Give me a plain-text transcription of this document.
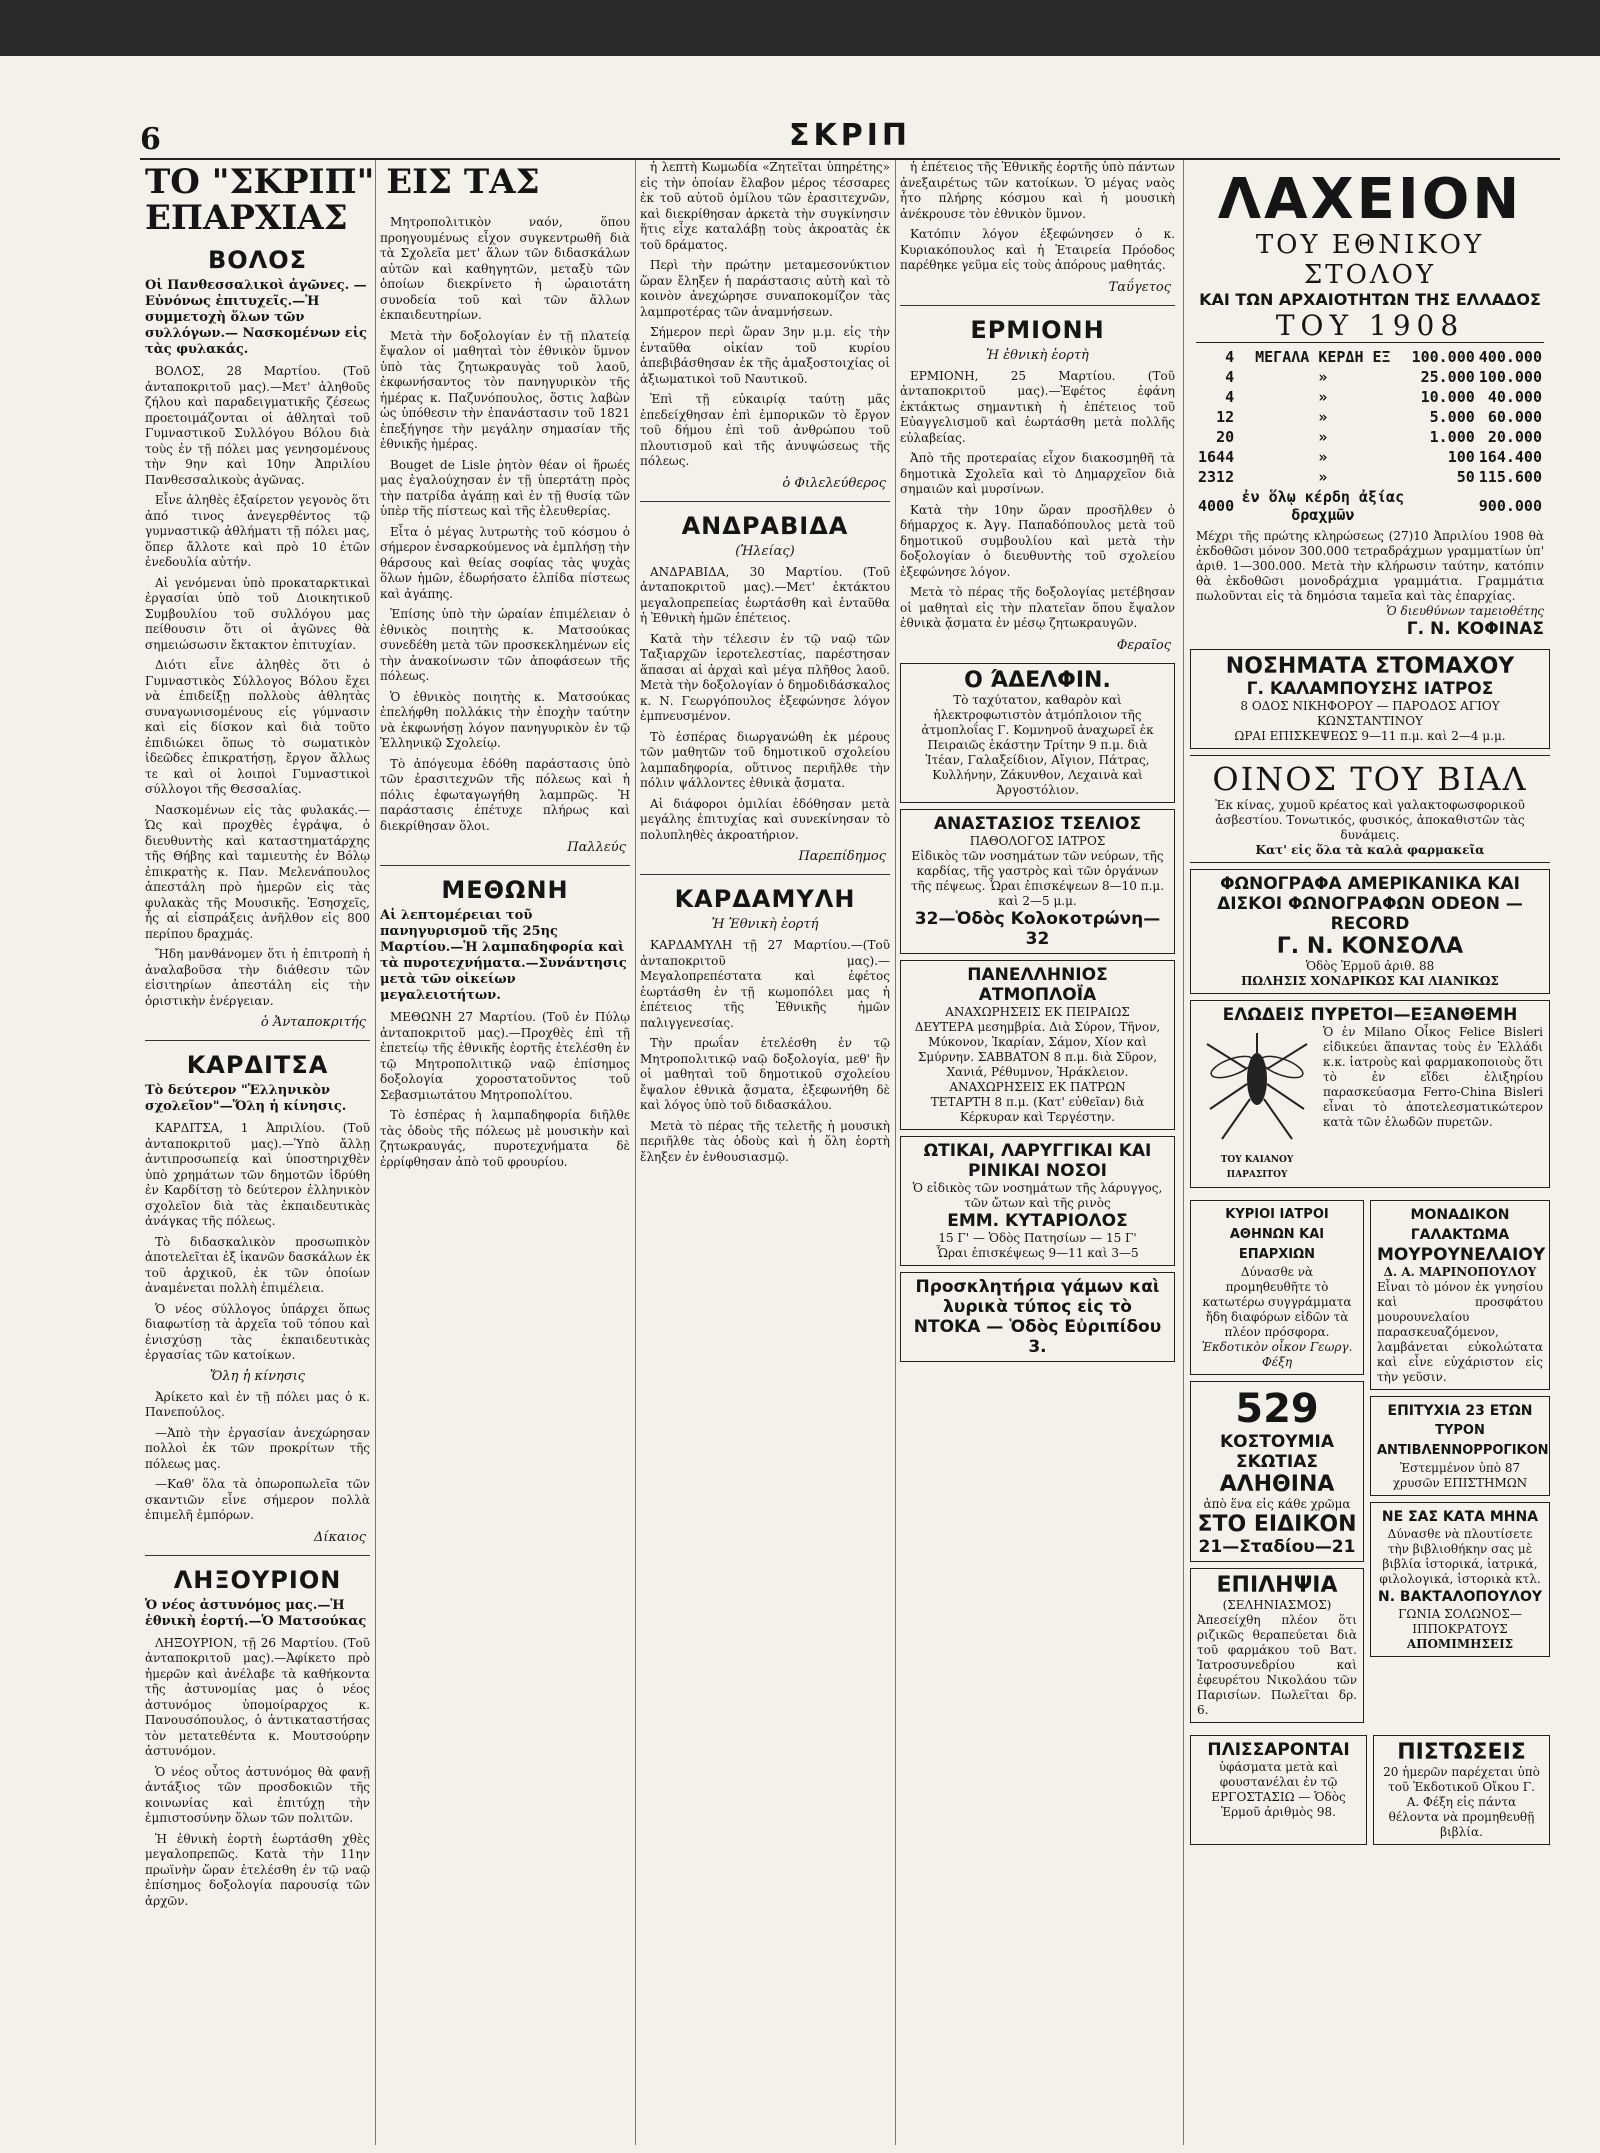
6	ΣΚΡΙΠ
ΤΟ "ΣΚΡΙΠ" ΕΙΣ ΤΑΣ ΕΠΑΡΧΙΑΣ
ΒΟΛΟΣ
Οἱ Πανθεσσαλικοὶ ἀγῶνες. — Εὐνόνως ἐπιτυχεῖς.—Ἡ συμμετοχὴ ὅλων τῶν συλλόγων.— Νασκομένων εἰς τὰς φυλακάς.

ΒΟΛΟΣ, 28 Μαρτίου. (Τοῦ ἀνταποκριτοῦ μας).—Μετ' ἀληθοῦς ζήλου καὶ παραδειγματικῆς ζέσεως προετοιμάζονται οἱ ἀθληταὶ τοῦ Γυμναστικοῦ Συλλόγου Βόλου διὰ τοὺς ἐν τῇ πόλει μας γενησομένους τὴν 9ην καὶ 10ην Ἀπριλίου Πανθεσσαλικοὺς ἀγῶνας.

Εἶνε ἀληθὲς ἐξαίρετον γεγονὸς ὅτι ἀπό τινος ἀνεγερθέντος τῷ γυμναστικῷ ἀθλήματι τῇ πόλει μας, ὅπερ ἄλλοτε καὶ πρὸ 10 ἐτῶν ἐνεδουλία αὐτήν.

Αἱ γενόμεναι ὑπὸ προκαταρκτικαὶ ἐργασίαι ὑπὸ τοῦ Διοικητικοῦ Συμβουλίου τοῦ συλλόγου μας πείθουσιν ὅτι οἱ ἀγῶνες θὰ σημειώσωσιν ἔκτακτον ἐπιτυχίαν.

Διότι εἶνε ἀληθὲς ὅτι ὁ Γυμναστικὸς Σύλλογος Βόλου ἔχει νὰ ἐπιδείξῃ πολλοὺς ἀθλητὰς συναγωνισομένους εἰς γύμνασιν καὶ εἰς δίσκον καὶ διὰ τοῦτο ἐπιδιώκει ὅπως τὸ σωματικὸν ἰδεῶδες ἐπικρατήσῃ, ἔργον ἄλλως τε καὶ οἱ λοιποὶ Γυμναστικοὶ σύλλογοι τῆς Θεσσαλίας.

Νασκομένων εἰς τὰς φυλακάς.—Ὡς καὶ προχθὲς ἐγράψα, ὁ διευθυντὴς καὶ καταστηματάρχης τῆς Θήβης καὶ ταμιευτὴς ἐν Βόλῳ ἐπικρατὴς κ. Παν. Μελενάπουλος ἀπεστάλη πρὸ ἡμερῶν εἰς τὰς φυλακὰς τῆς Μουσικῆς. Ἐσησχεῖς, ἧς αἱ εἰσπράξεις ἀνῆλθον εἰς 800 περίπου δραχμάς.

Ἤδη μανθάνομεν ὅτι ἡ ἐπιτροπὴ ἡ ἀναλαβοῦσα τὴν διάθεσιν τῶν εἰσιτηρίων ἀπεστάλη εἰς τὴν ὁριστικὴν ἐνέργειαν.

ὁ Ἀνταποκριτής
ΚΑΡΔΙΤΣΑ
Τὸ δεύτερον "Ἑλληνικὸν σχολεῖον"—Ὅλη ἡ κίνησις.

ΚΑΡΔΙΤΣΑ, 1 Ἀπριλίου. (Τοῦ ἀνταποκριτοῦ μας).—Ὑπὸ ἄλλῃ ἀντιπροσωπείᾳ καὶ ὑποστηριχθὲν ὑπὸ χρημάτων τῶν δημοτῶν ἱδρύθη ἐν Καρδίτσῃ τὸ δεύτερον ἑλληνικὸν σχολεῖον διὰ τὰς ἐκπαιδευτικὰς ἀνάγκας τῆς πόλεως.

Τὸ διδασκαλικὸν προσωπικὸν ἀποτελεῖται ἐξ ἱκανῶν δασκάλων ἐκ τοῦ ἀρχικοῦ, ἐκ τῶν ὁποίων ἀναμένεται πολλὴ ἐπιμέλεια.

Ὁ νέος σύλλογος ὑπάρχει ὅπως διαφωτίσῃ τὰ ἀρχεῖα τοῦ τόπου καὶ ἐνισχύσῃ τὰς ἐκπαιδευτικὰς ἐργασίας τῶν κατοίκων.

Ὅλη ἡ κίνησις

Ἀρίκετο καὶ ἐν τῇ πόλει μας ὁ κ. Πανεπούλος.

—Ἀπὸ τὴν ἐργασίαν ἀνεχώρησαν πολλοὶ ἐκ τῶν προκρίτων τῆς πόλεως μας.

—Καθ' ὅλα τὰ ὀπωροπωλεῖα τῶν σκαντιῶν εἶνε σήμερον πολλὰ ἐπιμελῆ ἐμπόρων.

Δίκαιος
ΛΗΞΟΥΡΙΟΝ
Ὁ νέος ἀστυνόμος μας.—Ἡ ἐθνικὴ ἑορτή.—Ὁ Ματσούκας

ΛΗΞΟΥΡΙΟΝ, τῇ 26 Μαρτίου. (Τοῦ ἀνταποκριτοῦ μας).—Ἀφίκετο πρὸ ἡμερῶν καὶ ἀνέλαβε τὰ καθήκοντα τῆς ἀστυνομίας μας ὁ νέος ἀστυνόμος ὑπομοίραρχος κ. Πανουσόπουλος, ὁ ἀντικαταστήσας τὸν μετατεθέντα κ. Μουτσούρην ἀστυνόμον.

Ὁ νέος οὗτος ἀστυνόμος θὰ φανῇ ἀντάξιος τῶν προσδοκιῶν τῆς κοινωνίας καὶ ἐπιτύχῃ τὴν ἐμπιστοσύνην ὅλων τῶν πολιτῶν.

Ἡ ἐθνικὴ ἑορτὴ ἑωρτάσθη χθὲς μεγαλοπρεπῶς. Κατὰ τὴν 11ην πρωϊνὴν ὥραν ἐτελέσθη ἐν τῷ ναῷ ἐπίσημος δοξολογία παρουσίᾳ τῶν ἀρχῶν.

Μητροπολιτικὸν ναόν, ὅπου προηγουμένως εἶχον συγκεντρωθῆ διὰ τὰ Σχολεῖα μετ' ἅλων τῶν διδασκάλων αὐτῶν καὶ καθηγητῶν, μεταξὺ τῶν ὁποίων διεκρίνετο ἡ ὡραιοτάτη συνοδεία τοῦ καὶ τῶν ἄλλων ἐκπαιδευτηρίων.

Μετὰ τὴν δοξολογίαν ἐν τῇ πλατείᾳ ἔψαλον οἱ μαθηταὶ τὸν ἐθνικὸν ὕμνον ὑπὸ τὰς ζητωκραυγὰς τοῦ λαοῦ, ἐκφωνήσαντος τὸν πανηγυρικὸν τῆς ἡμέρας κ. Παζυνόπουλος, ὅστις λαβὼν ὡς ὑπόθεσιν τὴν ἐπανάστασιν τοῦ 1821 ἐπεξήγησε τὴν μεγάλην σημασίαν τῆς ἐθνικῆς ἡμέρας.

Bouget de Lisle ῥητὸν θέαν οἱ ἥρωές μας ἐγαλούχησαν ἐν τῇ ὑπερτάτῃ πρὸς τὴν πατρίδα ἀγάπῃ καὶ ἐν τῇ θυσίᾳ τῶν ὑπὲρ τῆς πίστεως καὶ τῆς ἐλευθερίας.

Εἶτα ὁ μέγας λυτρωτὴς τοῦ κόσμου ὁ σήμερον ἐνσαρκούμενος νὰ ἐμπλήσῃ τὴν θάρσους καὶ θείας σοφίας τὰς ψυχὰς ὅλων ἡμῶν, ἐδωρήσατο ἐλπίδα πίστεως καὶ ἀγάπης.

Ἐπίσης ὑπὸ τὴν ὡραίαν ἐπιμέλειαν ὁ ἐθνικὸς ποιητὴς κ. Ματσούκας συνεδέθη μετὰ τῶν προσκεκλημένων εἰς τὴν ἀνακοίνωσιν τῶν ἀποφάσεων τῆς πόλεως.

Ὁ ἐθνικὸς ποιητὴς κ. Ματσούκας ἐπελήφθη πολλάκις τὴν ἐποχὴν ταύτην νὰ ἐκφωνήσῃ λόγον πανηγυρικὸν ἐν τῷ Ἑλληνικῷ Σχολείῳ.

Τὸ ἀπόγευμα ἐδόθη παράστασις ὑπὸ τῶν ἐρασιτεχνῶν τῆς πόλεως καὶ ἡ πόλις ἐφωταγωγήθη λαμπρῶς. Ἡ παράστασις ἐπέτυχε πλήρως καὶ διεκρίθησαν ὅλοι.

Παλλεύς
ΜΕΘΩΝΗ
Αἱ λεπτομέρειαι τοῦ πανηγυρισμοῦ τῆς 25ης Μαρτίου.—Ἡ λαμπαδηφορία καὶ τὰ πυροτεχνήματα.—Συνάντησις μετὰ τῶν οἰκείων μεγαλειοτήτων.

ΜΕΘΩΝΗ 27 Μαρτίου. (Τοῦ ἐν Πύλῳ ἀνταποκριτοῦ μας).—Προχθὲς ἐπὶ τῇ ἐπετείῳ τῆς ἐθνικῆς ἑορτῆς ἐτελέσθη ἐν τῷ Μητροπολιτικῷ ναῷ ἐπίσημος δοξολογία χοροστατοῦντος τοῦ Σεβασμιωτάτου Μητροπολίτου.

Τὸ ἑσπέρας ἡ λαμπαδηφορία διῆλθε τὰς ὁδοὺς τῆς πόλεως μὲ μουσικὴν καὶ ζητωκραυγάς, πυροτεχνήματα δὲ ἐρρίφθησαν ἀπὸ τοῦ φρουρίου.

ἡ λεπτὴ Κωμωδία «Ζητεῖται ὑπηρέτης» εἰς τὴν ὁποίαν ἔλαβον μέρος τέσσαρες ἐκ τοῦ αὐτοῦ ὁμίλου τῶν ἐρασιτεχνῶν, καὶ διεκρίθησαν ἀρκετὰ τὴν συγκίνησιν ἥτις εἶχε καταλάβῃ τοὺς ἀκροατὰς ἐκ τοῦ δράματος.

Περὶ τὴν πρώτην μεταμεσονύκτιον ὥραν ἔληξεν ἡ παράστασις αὐτὴ καὶ τὸ κοινὸν ἀνεχώρησε συναποκομίζον τὰς λαμπροτέρας τῶν ἀναμνήσεων.

Σήμερον περὶ ὥραν 3ην μ.μ. εἰς τὴν ἐνταῦθα οἰκίαν τοῦ κυρίου ἀπεβιβάσθησαν ἐκ τῆς ἀμαξοστοιχίας οἱ ἀξιωματικοὶ τοῦ Ναυτικοῦ.

Ἐπὶ τῇ εὐκαιρίᾳ ταύτῃ μᾶς ἐπεδείχθησαν ἐπὶ ἐμπορικῶν τὸ ἔργον τοῦ δήμου ἐπὶ τοῦ ἀνθρώπου τοῦ πλουτισμοῦ καὶ τῆς ἀνυψώσεως τῆς πόλεως.

ὁ Φιλελεύθερος
ΑΝΔΡΑΒΙΔΑ
(Ἠλείας)

ΑΝΔΡΑΒΙΔΑ, 30 Μαρτίου. (Τοῦ ἀνταποκριτοῦ μας).—Μετ' ἐκτάκτου μεγαλοπρεπείας ἑωρτάσθη καὶ ἐνταῦθα ἡ Ἐθνικὴ ἡμῶν ἐπέτειος.

Κατὰ τὴν τέλεσιν ἐν τῷ ναῷ τῶν Ταξιαρχῶν ἱεροτελεστίας, παρέστησαν ἅπασαι αἱ ἀρχαὶ καὶ μέγα πλῆθος λαοῦ. Μετὰ τὴν δοξολογίαν ὁ δημοδιδάσκαλος κ. Ν. Γεωργόπουλος ἐξεφώνησε λόγον ἐμπνευσμένον.

Τὸ ἑσπέρας διωργανώθη ἐκ μέρους τῶν μαθητῶν τοῦ δημοτικοῦ σχολείου λαμπαδηφορία, οὕτινος περιῆλθε τὴν πόλιν ψάλλοντες ἐθνικὰ ᾄσματα.

Αἱ διάφοροι ὁμιλίαι ἐδόθησαν μετὰ μεγάλης ἐπιτυχίας καὶ συνεκίνησαν τὸ πολυπληθὲς ἀκροατήριον.

Παρεπίδημος
ΚΑΡΔΑΜΥΛΗ
Ἡ Ἐθνικὴ ἑορτή

ΚΑΡΔΑΜΥΛΗ τῇ 27 Μαρτίου.—(Τοῦ ἀνταποκριτοῦ μας).—Μεγαλοπρεπέστατα καὶ ἐφέτος ἑωρτάσθη ἐν τῇ κωμοπόλει μας ἡ ἐπέτειος τῆς Ἐθνικῆς ἡμῶν παλιγγενεσίας.

Τὴν πρωΐαν ἐτελέσθη ἐν τῷ Μητροπολιτικῷ ναῷ δοξολογία, μεθ' ἣν οἱ μαθηταὶ τοῦ δημοτικοῦ σχολείου ἔψαλον ἐθνικὰ ᾄσματα, ἐξεφωνήθη δὲ καὶ λόγος ὑπὸ τοῦ διδασκάλου.

Μετὰ τὸ πέρας τῆς τελετῆς ἡ μουσικὴ περιῆλθε τὰς ὁδοὺς καὶ ἡ ὅλη ἑορτὴ ἔληξεν ἐν ἐνθουσιασμῷ.

ἡ ἐπέτειος τῆς Ἐθνικῆς ἑορτῆς ὑπὸ πάντων ἀνεξαιρέτως τῶν κατοίκων. Ὁ μέγας ναὸς ἦτο πλήρης κόσμου καὶ ἡ μουσικὴ ἀνέκρουσε τὸν ἐθνικὸν ὕμνον.

Κατόπιν λόγον ἐξεφώνησεν ὁ κ. Κυριακόπουλος καὶ ἡ Ἑταιρεία Πρόοδος παρέθηκε γεῦμα εἰς τοὺς ἀπόρους μαθητάς.

Ταΰγετος
ΕΡΜΙΟΝΗ
Ἡ ἐθνικὴ ἑορτὴ

ΕΡΜΙΟΝΗ, 25 Μαρτίου. (Τοῦ ἀνταποκριτοῦ μας).—Ἐφέτος ἐφάνη ἐκτάκτως σημαντικὴ ἡ ἐπέτειος τοῦ Εὐαγγελισμοῦ καὶ ἑωρτάσθη μετὰ πολλῆς εὐλαβείας.

Ἀπὸ τῆς προτεραίας εἶχον διακοσμηθῆ τὰ δημοτικὰ Σχολεῖα καὶ τὸ Δημαρχεῖον διὰ σημαιῶν καὶ μυρσίνων.

Κατὰ τὴν 10ην ὥραν προσῆλθεν ὁ δήμαρχος κ. Ἀγγ. Παπαδόπουλος μετὰ τοῦ δημοτικοῦ συμβουλίου καὶ μετὰ τὴν δοξολογίαν ὁ διευθυντὴς τοῦ σχολείου ἐξεφώνησε λόγον.

Μετὰ τὸ πέρας τῆς δοξολογίας μετέβησαν οἱ μαθηταὶ εἰς τὴν πλατεῖαν ὅπου ἔψαλον ἐθνικὰ ᾄσματα ἐν μέσῳ ζητωκραυγῶν.

Φεραῖος
Ο ΆΔΕΛΦΙΝ.
Τὸ ταχύτατον, καθαρὸν καὶ ἠλεκτροφωτιστὸν ἀτμόπλοιον τῆς ἀτμοπλοΐας Γ. Κομνηνοῦ ἀναχωρεῖ ἐκ Πειραιῶς ἑκάστην Τρίτην 9 π.μ. διὰ Ἰτέαν, Γαλαξείδιον, Αἴγιον, Πάτρας, Κυλλήνην, Ζάκυνθον, Λεχαινὰ καὶ Ἀργοστόλιον.
ΑΝΑΣΤΑΣΙΟΣ ΤΣΕΛΙΟΣ
ΠΑΘΟΛΟΓΟΣ ΙΑΤΡΟΣ
Εἰδικὸς τῶν νοσημάτων τῶν νεύρων, τῆς καρδίας, τῆς γαστρὸς καὶ τῶν ὀργάνων τῆς πέψεως. Ὧραι ἐπισκέψεων 8—10 π.μ. καὶ 2—5 μ.μ.
32—Ὁδὸς Κολοκοτρώνη—32
ΠΑΝΕΛΛΗΝΙΟΣ ΑΤΜΟΠΛΟΪΑ
ΑΝΑΧΩΡΗΣΕΙΣ ΕΚ ΠΕΙΡΑΙΩΣ
ΔΕΥΤΕΡΑ μεσημβρία. Διὰ Σύρον, Τῆνον, Μύκονον, Ἰκαρίαν, Σάμον, Χίον καὶ Σμύρνην. ΣΑΒΒΑΤΟΝ 8 π.μ. διὰ Σῦρον, Χανιά, Ρέθυμνον, Ἡράκλειον.
ΑΝΑΧΩΡΗΣΕΙΣ ΕΚ ΠΑΤΡΩΝ
ΤΕΤΑΡΤΗ 8 π.μ. (Κατ' εὐθεῖαν) διὰ Κέρκυραν καὶ Τεργέστην.
ΩΤΙΚΑΙ, ΛΑΡΥΓΓΙΚΑΙ ΚΑΙ ΡΙΝΙΚΑΙ ΝΟΣΟΙ
Ὁ εἰδικὸς τῶν νοσημάτων τῆς λάρυγγος, τῶν ὤτων καὶ τῆς ρινὸς
ΕΜΜ. ΚΥΤΑΡΙΟΛΟΣ
15 Γ' — Ὁδὸς Πατησίων — 15 Γ'
Ὧραι ἐπισκέψεως 9—11 καὶ 3—5
Προσκλητήρια γάμων καὶ λυρικὰ τύπος εἰς τὸ ΝΤΟΚΑ — Ὁδὸς Εὐριπίδου 3.
ΛΑΧΕΙΟΝ
ΤΟΥ ΕΘΝΙΚΟΥ ΣΤΟΛΟΥ
ΚΑΙ ΤΩΝ ΑΡΧΑΙΟΤΗΤΩΝ ΤΗΣ ΕΛΛΑΔΟΣ
ΤΟΥ 1908
4	ΜΕΓΑΛΑ ΚΕΡΔΗ ΕΞ	100.000	400.000
4	»	25.000	100.000
4	»	10.000	40.000
12	»	5.000	60.000
20	»	1.000	20.000
1644	»	100	164.400
2312	»	50	115.600
4000	ἐν ὅλῳ κέρδη ἀξίας δραχμῶν		900.000
Μέχρι τῆς πρώτης κληρώσεως (27)10 Ἀπριλίου 1908 θὰ ἐκδοθῶσι μόνον 300.000 τετραδράχμων γραμματίων ὑπ' ἀριθ. 1—300.000. Μετὰ τὴν κλήρωσιν ταύτην, κατόπιν θὰ ἐκδοθῶσι μονοδράχμια γραμμάτια. Γραμμάτια πωλοῦνται εἰς τὰ δημόσια ταμεῖα καὶ τὰς ἐπαρχίας.
Ὁ διευθύνων ταμειοθέτης
Γ. Ν. ΚΟΦΙΝΑΣ
ΝΟΣΗΜΑΤΑ ΣΤΟΜΑΧΟΥ
Γ. ΚΑΛΑΜΠΟΥΣΗΣ ΙΑΤΡΟΣ
8 ΟΔΟΣ ΝΙΚΗΦΟΡΟΥ — ΠΑΡΟΔΟΣ ΑΓΙΟΥ ΚΩΝΣΤΑΝΤΙΝΟΥ
ΩΡΑΙ ΕΠΙΣΚΕΨΕΩΣ 9—11 π.μ. καὶ 2—4 μ.μ.
ΟΙΝΟΣ ΤΟΥ ΒΙΑΛ
Ἐκ κίνας, χυμοῦ κρέατος καὶ γαλακτοφωσφορικοῦ ἀσβεστίου. Τονωτικός, φυσικός, ἀποκαθιστῶν τὰς δυνάμεις.
Κατ' εἰς ὅλα τὰ καλὰ φαρμακεῖα
ΦΩΝΟΓΡΑΦΑ ΑΜΕΡΙΚΑΝΙΚΑ ΚΑΙ ΔΙΣΚΟΙ ΦΩΝΟΓΡΑΦΩΝ ODEON — RECORD
Γ. Ν. ΚΟΝΣΟΛΑ
Ὁδὸς Ἑρμοῦ ἀριθ. 88
ΠΩΛΗΣΙΣ ΧΟΝΔΡΙΚΩΣ ΚΑΙ ΛΙΑΝΙΚΩΣ
ΕΛΩΔΕΙΣ ΠΥΡΕΤΟΙ—ΕΞΑΝΘΕΜΗ
ΤΟΥ ΚΑΙΑΝΟΥ ΠΑΡΑΣΙΤΟΥ
Ὁ ἐν Milano Οἶκος Felice Bisleri εἰδικεύει ἅπαντας τοὺς ἐν Ἑλλάδι κ.κ. ἰατροὺς καὶ φαρμακοποιοὺς ὅτι τὸ ἐν εἴδει ἐλιξηρίου παρασκεύασμα Ferro-China Bisleri εἶναι τὸ ἀποτελεσματικώτερον κατὰ τῶν ἑλωδῶν πυρετῶν.
ΚΥΡΙΟΙ ΙΑΤΡΟΙ ΑΘΗΝΩΝ ΚΑΙ ΕΠΑΡΧΙΩΝ
Δύνασθε νὰ προμηθευθῆτε τὸ κατωτέρω συγγράμματα ἤδη διαφόρων εἰδῶν τὰ πλέον πρόσφορα.
Ἐκδοτικὸν οἶκον Γεωργ. Φέξη
529
ΚΟΣΤΟΥΜΙΑ ΣΚΩΤΙΑΣ
ΑΛΗΘΙΝΑ
ἀπὸ ἕνα εἰς κάθε χρῶμα
ΣΤΟ ΕΙΔΙΚΟΝ
21—Σταδίου—21
ΕΠΙΛΗΨΙΑ
(ΣΕΛΗΝΙΑΣΜΟΣ)
Ἀπεσείχθη πλέον ὅτι ριζικῶς θεραπεύεται διὰ τοῦ φαρμάκου τοῦ Βατ. Ἰατροσυνεδρίου καὶ ἐφευρέτου Νικολάου τῶν Παρισίων. Πωλεῖται δρ. 6.
ΜΟΝΑΔΙΚΟΝ ΓΑΛΑΚΤΩΜΑ
ΜΟΥΡΟΥΝΕΛΑΙΟΥ
Δ. Α. ΜΑΡΙΝΟΠΟΥΛΟΥ
Εἶναι τὸ μόνον ἐκ γνησίου καὶ προσφάτου μουρουνελαίου παρασκευαζόμενον, λαμβάνεται εὐκολώτατα καὶ εἶνε εὐχάριστον εἰς τὴν γεῦσιν.
ΕΠΙΤΥΧΙΑ 23 ΕΤΩΝ
ΤΥΡΟΝ ΑΝΤΙΒΛΕΝΝΟΡΡΟΓΙΚΟΝ
Ἐστεμμένον ὑπὸ 87 χρυσῶν ΕΠΙΣΤΗΜΩΝ
ΝΕ ΣΑΣ ΚΑΤΑ ΜΗΝΑ
Δύνασθε νὰ πλουτίσετε τὴν βιβλιοθήκην σας μὲ βιβλία ἱστορικά, ἰατρικά, φιλολογικά, ἱστορικὰ κτλ.
Ν. ΒΑΚΤΑΛΟΠΟΥΛΟΥ
ΓΩΝΙΑ ΣΟΛΩΝΟΣ—ΙΠΠΟΚΡΑΤΟΥΣ
ΑΠΟΜΙΜΗΣΕΙΣ
ΠΛΙΣΣΑΡΟΝΤΑΙ
ὑφάσματα μετὰ καὶ φουστανέλαι ἐν τῷ ΕΡΓΟΣΤΑΣΙΩ — Ὁδὸς Ἑρμοῦ ἀριθμὸς 98.
ΠΙΣΤΩΣΕΙΣ
20 ἡμερῶν παρέχεται ὑπὸ τοῦ Ἐκδοτικοῦ Οἴκου Γ. Α. Φέξη εἰς πάντα θέλοντα νὰ προμηθευθῇ βιβλία.
